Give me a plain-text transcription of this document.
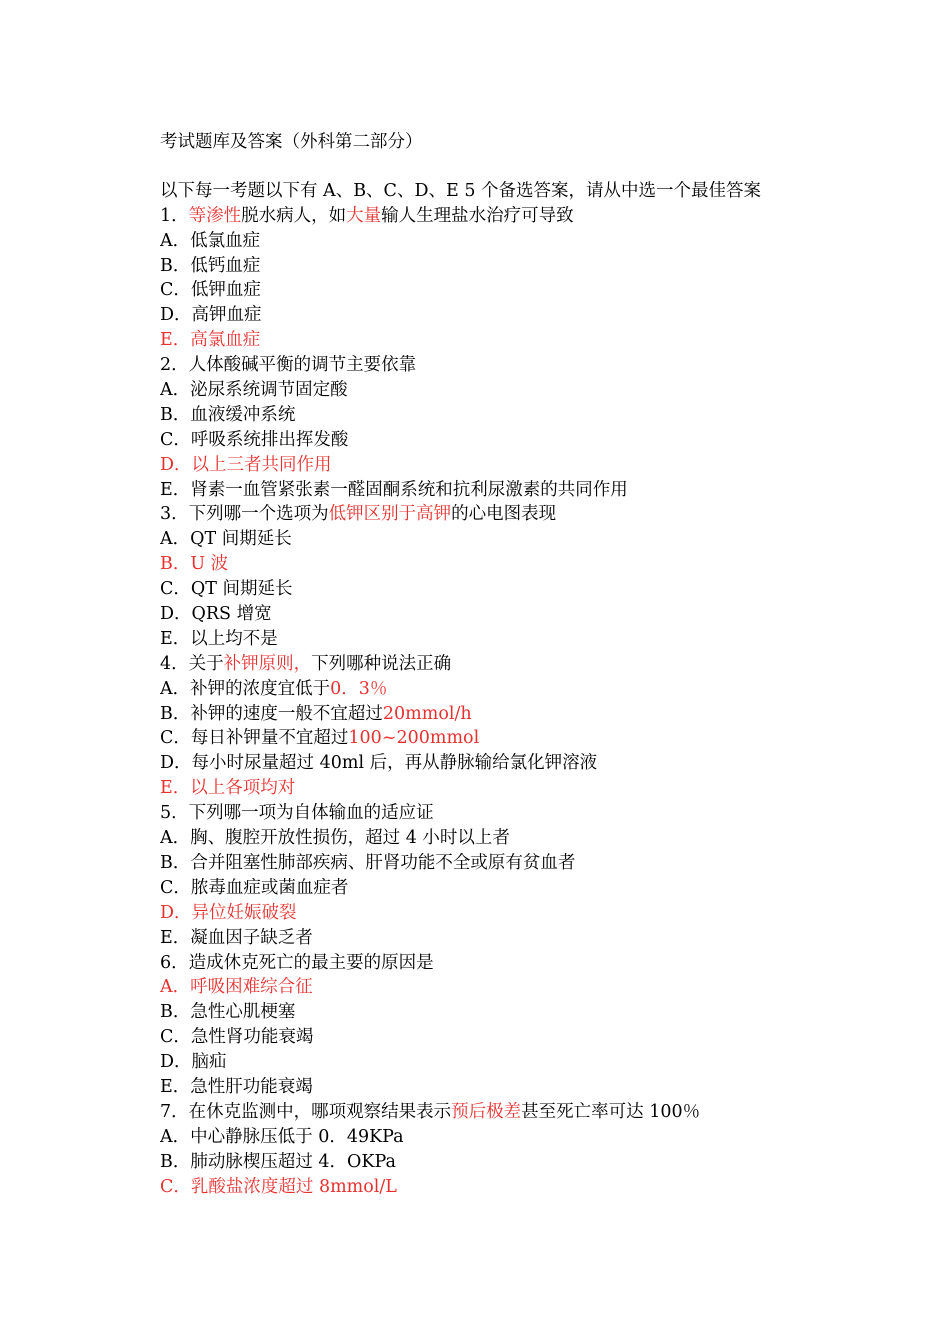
考试题库及答案（外科第二部分）
以下每一考题以下有 A、B、C、D、E 5 个备选答案，请从中选一个最佳答案
1．等渗性脱水病人，如大量输人生理盐水治疗可导致
A．低氯血症
B．低钙血症
C．低钾血症
D．高钾血症
E．高氯血症
2．人体酸碱平衡的调节主要依靠
A．泌尿系统调节固定酸
B．血液缓冲系统
C．呼吸系统排出挥发酸
D．以上三者共同作用
E．肾素一血管紧张素一醛固酮系统和抗利尿激素的共同作用
3．下列哪一个选项为低钾区别于高钾的心电图表现
A．QT 间期延长
B．U 波
C．QT 间期延长
D．QRS 增宽
E．以上均不是
4．关于补钾原则，下列哪种说法正确
A．补钾的浓度宜低于0．3％
B．补钾的速度一般不宜超过20mmol/h
C．每日补钾量不宜超过100~200mmol
D．每小时尿量超过 40ml 后，再从静脉输给氯化钾溶液
E．以上各项均对
5．下列哪一项为自体输血的适应证
A．胸、腹腔开放性损伤，超过 4 小时以上者
B．合并阻塞性肺部疾病、肝肾功能不全或原有贫血者
C．脓毒血症或菌血症者
D．异位妊娠破裂
E．凝血因子缺乏者
6．造成休克死亡的最主要的原因是
A．呼吸困难综合征
B．急性心肌梗塞
C．急性肾功能衰竭
D．脑疝
E．急性肝功能衰竭
7．在休克监测中，哪项观察结果表示预后极差甚至死亡率可达 100％
A．中心静脉压低于 0．49KPa
B．肺动脉楔压超过 4．OKPa
C．乳酸盐浓度超过 8mmol/L
